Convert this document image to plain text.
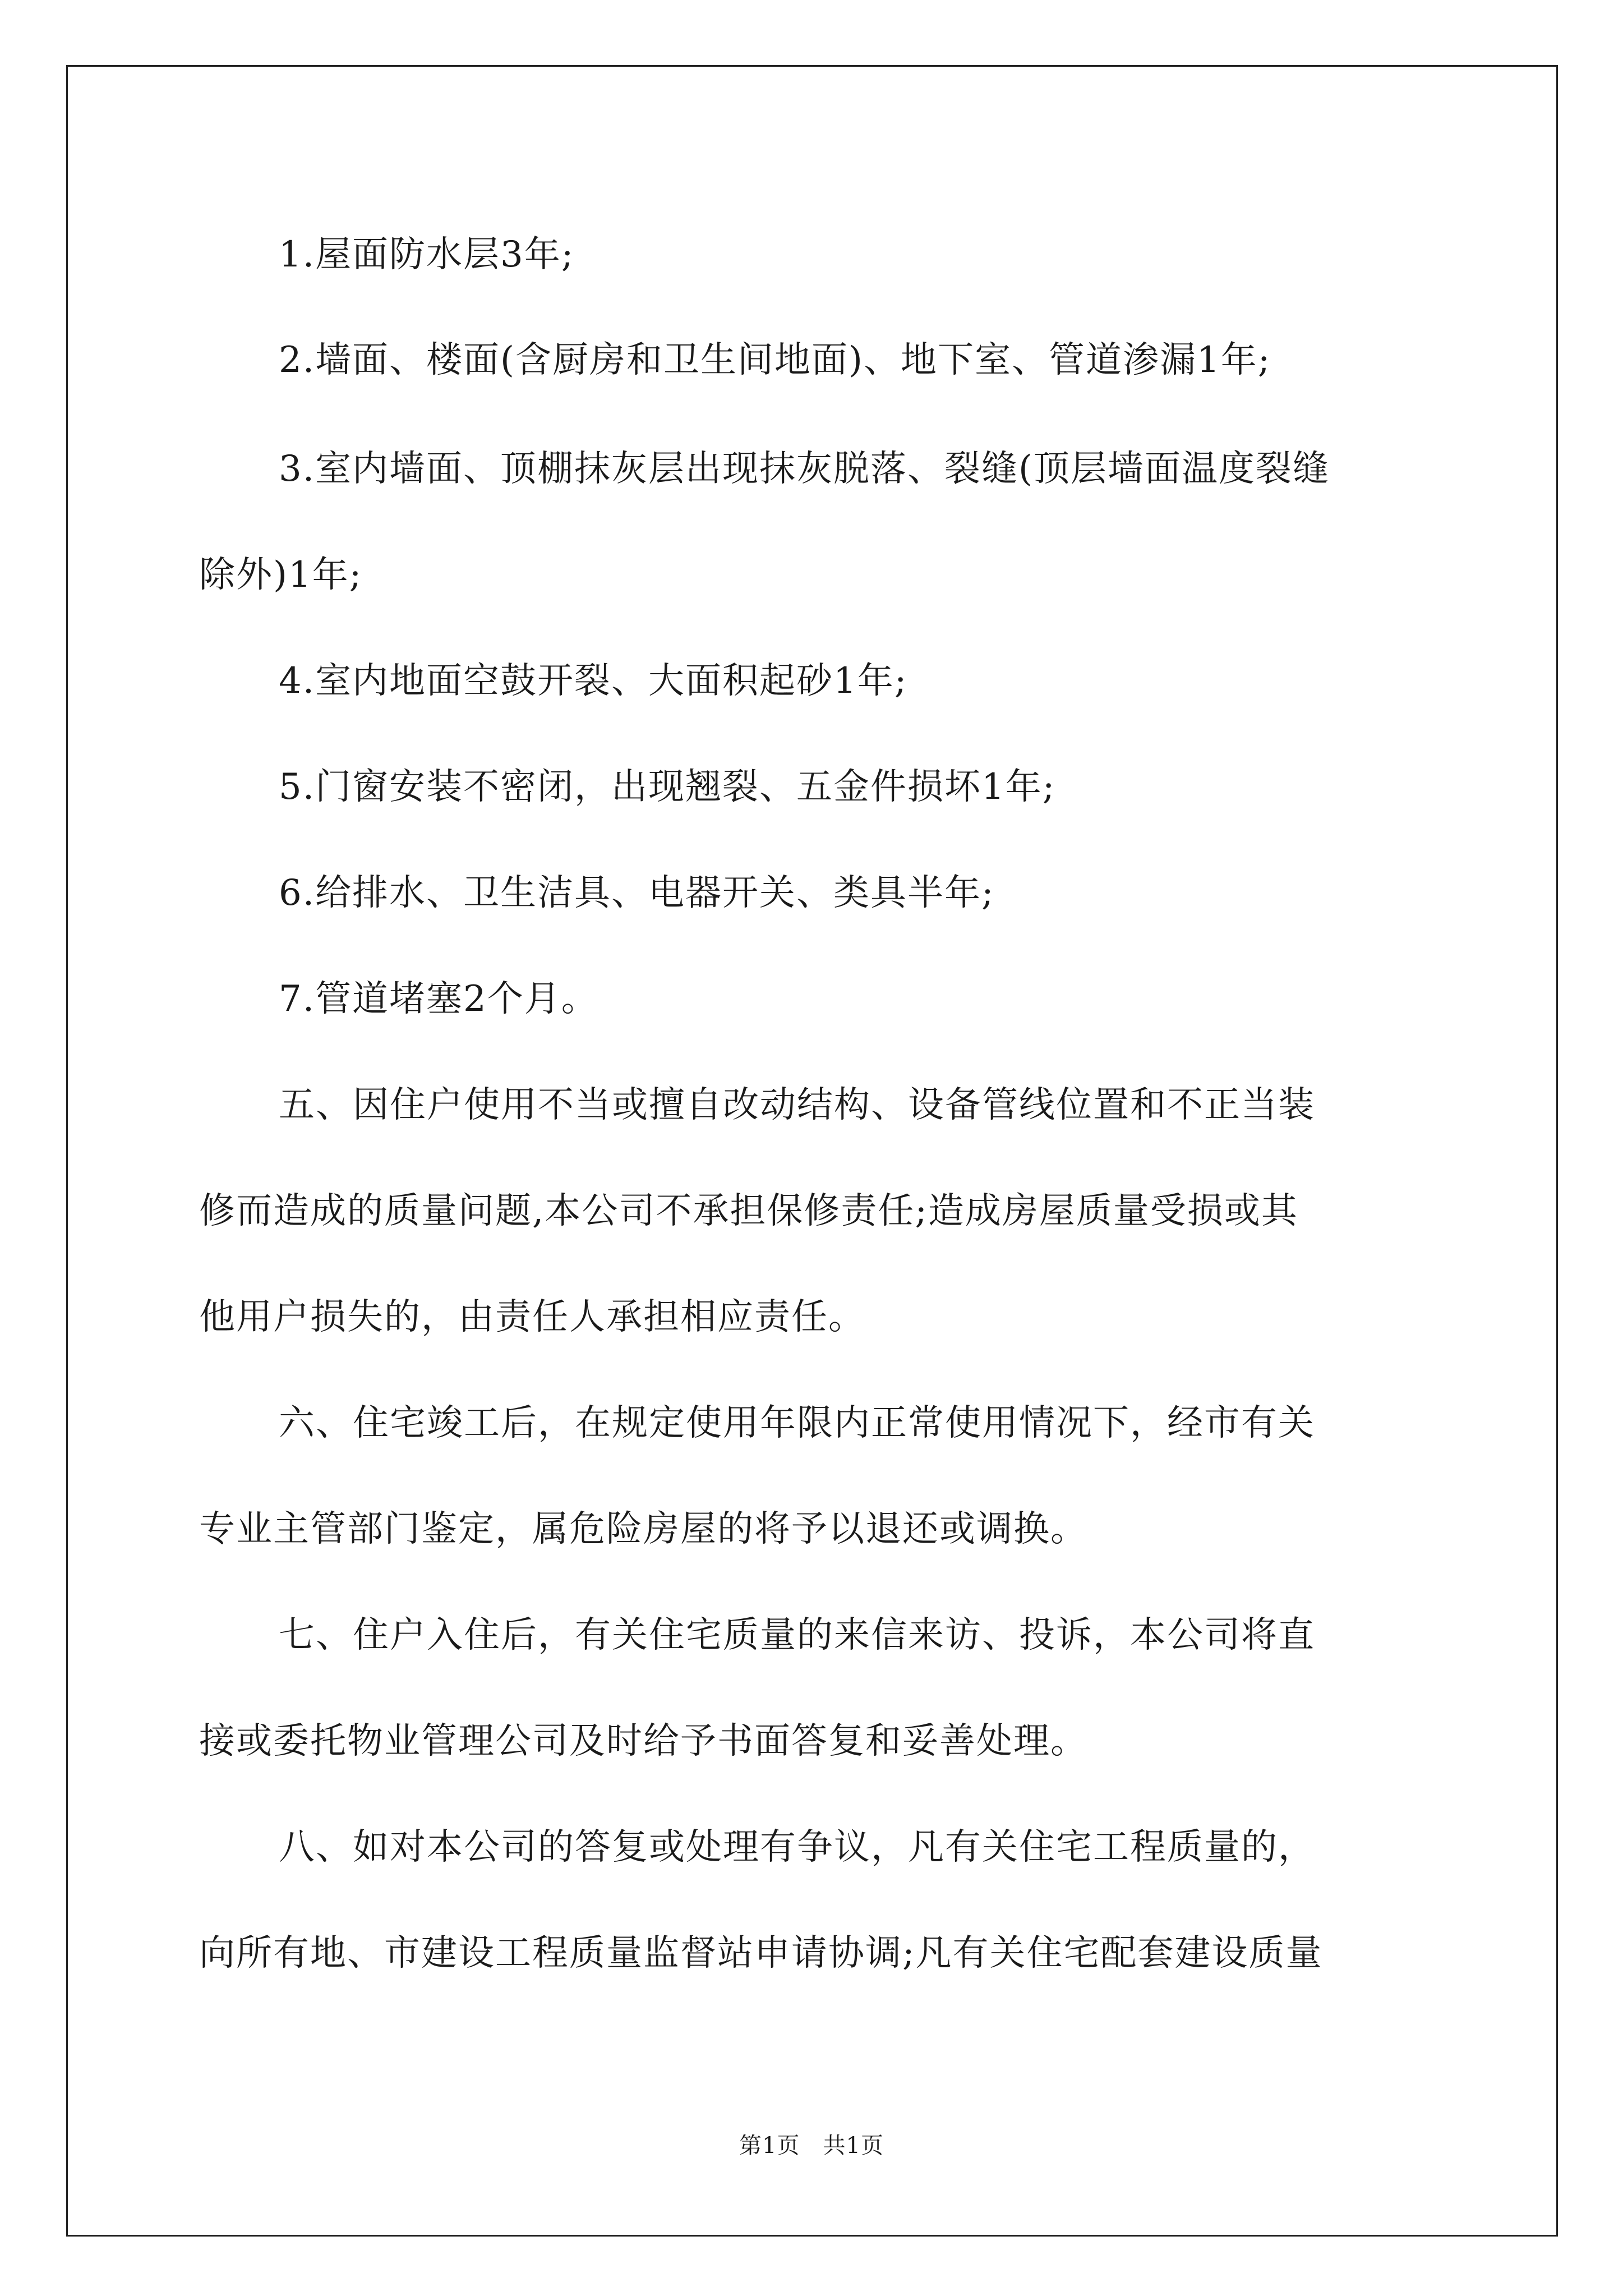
1.屋面防水层3年;
2.墙面、楼面(含厨房和卫生间地面)、地下室、管道渗漏1年;
3.室内墙面、顶棚抹灰层出现抹灰脱落、裂缝(顶层墙面温度裂缝
除外)1年;
4.室内地面空鼓开裂、大面积起砂1年;
5.门窗安装不密闭，出现翘裂、五金件损坏1年;
6.给排水、卫生洁具、电器开关、类具半年;
7.管道堵塞2个月。
五、因住户使用不当或擅自改动结构、设备管线位置和不正当装
修而造成的质量问题,本公司不承担保修责任;造成房屋质量受损或其
他用户损失的，由责任人承担相应责任。
六、住宅竣工后，在规定使用年限内正常使用情况下，经市有关
专业主管部门鉴定，属危险房屋的将予以退还或调换。
七、住户入住后，有关住宅质量的来信来访、投诉，本公司将直
接或委托物业管理公司及时给予书面答复和妥善处理。
八、如对本公司的答复或处理有争议，凡有关住宅工程质量的，
向所有地、市建设工程质量监督站申请协调;凡有关住宅配套建设质量
第1页　共1页
